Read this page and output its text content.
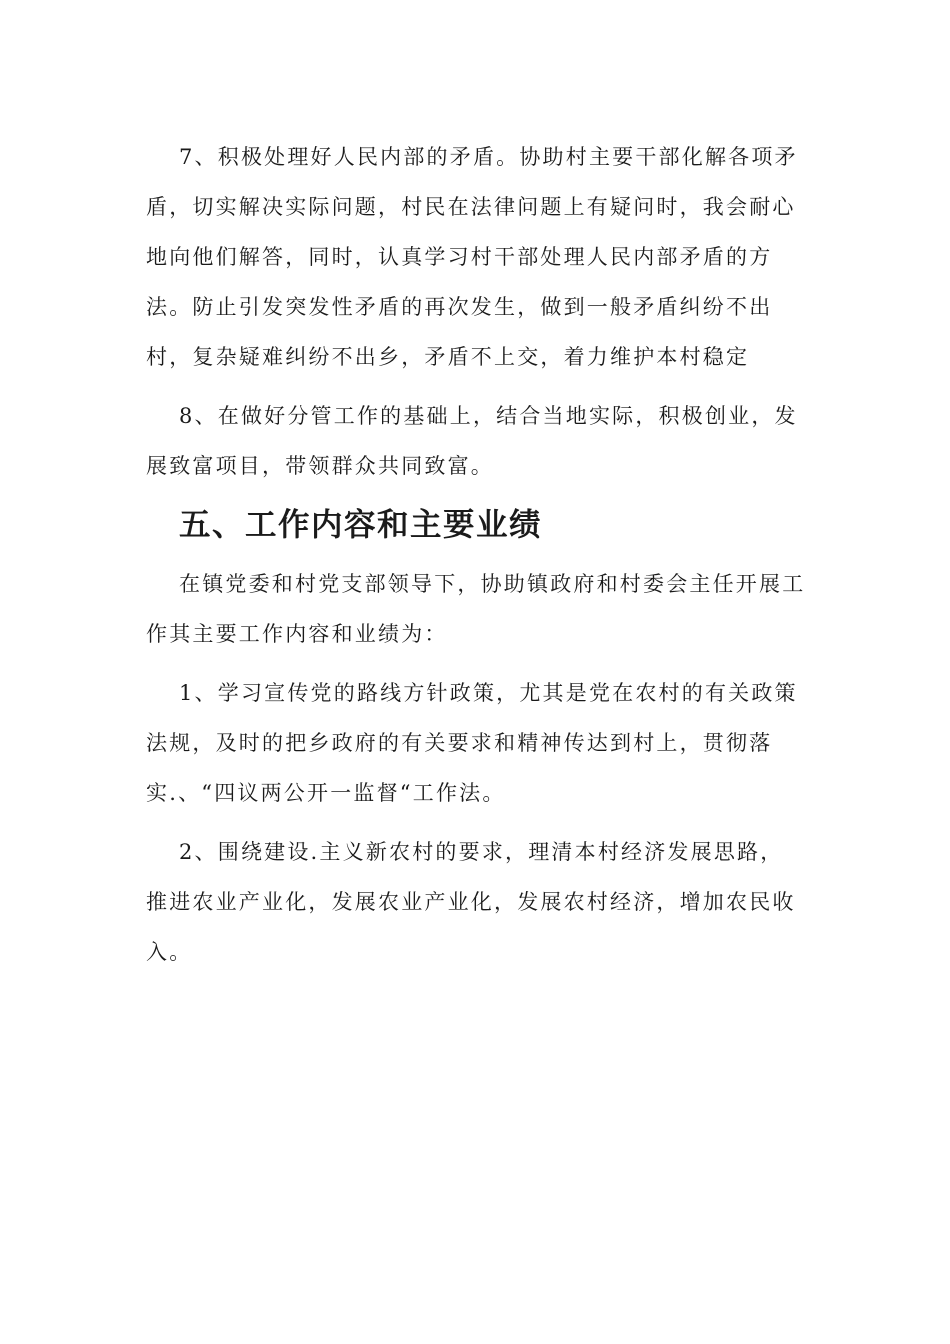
7、积极处理好人民内部的矛盾。协助村主要干部化解各项矛盾，切实解决实际问题，村民在法律问题上有疑问时，我会耐心地向他们解答，同时，认真学习村干部处理人民内部矛盾的方法。防止引发突发性矛盾的再次发生，做到一般矛盾纠纷不出村，复杂疑难纠纷不出乡，矛盾不上交，着力维护本村稳定

8、在做好分管工作的基础上，结合当地实际，积极创业，发展致富项目，带领群众共同致富。

五、工作内容和主要业绩

在镇党委和村党支部领导下，协助镇政府和村委会主任开展工作其主要工作内容和业绩为：

1、学习宣传党的路线方针政策，尤其是党在农村的有关政策法规，及时的把乡政府的有关要求和精神传达到村上，贯彻落实.、“四议两公开一监督“工作法。

2、围绕建设.主义新农村的要求，理清本村经济发展思路，推进农业产业化，发展农业产业化，发展农村经济，增加农民收入。
